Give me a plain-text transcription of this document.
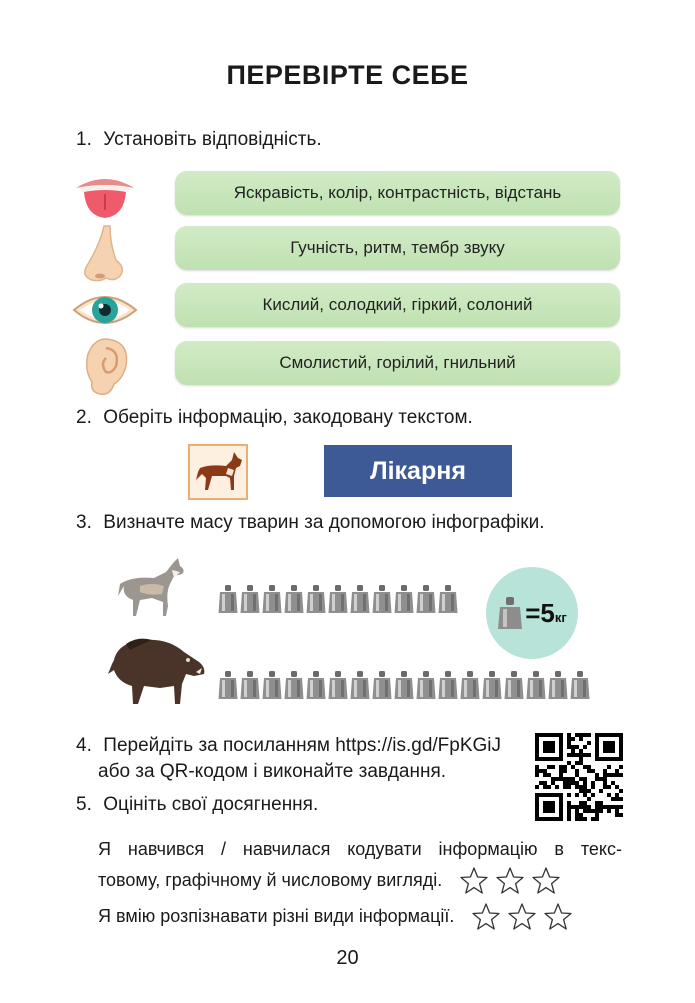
ПЕРЕВІРТЕ СЕБЕ
1. Установіть відповідність.
Яскравість, колір, контрастність, відстань
Гучність, ритм, тембр звуку
Кислий, солодкий, гіркий, солоний
Смолистий, горілий, гнильний
2. Оберіть інформацію, закодовану текстом.
Лікарня
3. Визначте масу тварин за допомогою інфографіки.
=5кг
4. Перейдіть за посиланням https://is.gd/FpKGiJ
або за QR-кодом і виконайте завдання.
5. Оцініть свої досягнення.
Я навчився / навчилася кодувати інформацію в текс-
товому, графічному й числовому вигляді.
Я вмію розпізнавати різні види інформації.
20
